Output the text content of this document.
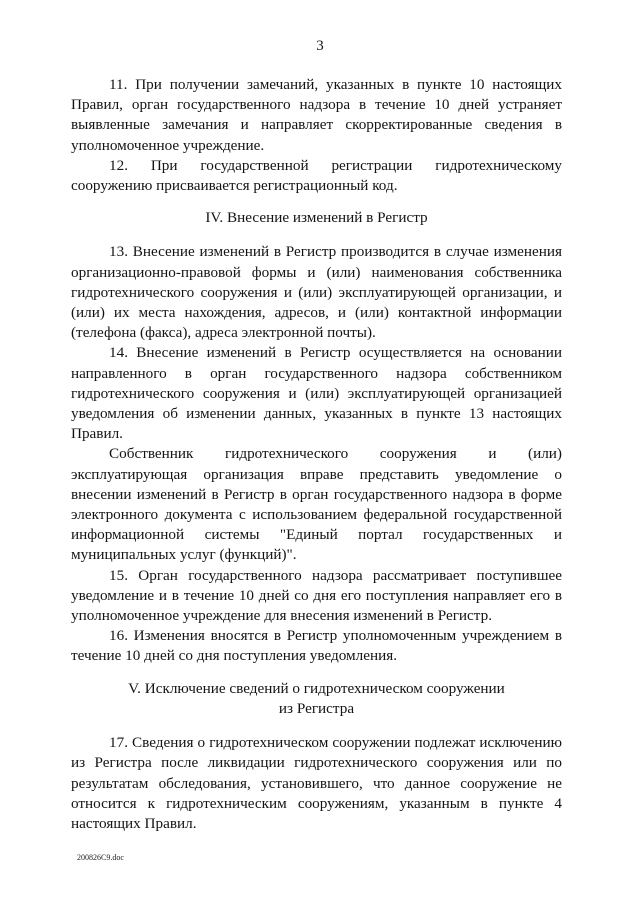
3

11. При получении замечаний, указанных в пункте 10 настоящих Правил, орган государственного надзора в течение 10 дней устраняет выявленные замечания и направляет скорректированные сведения в уполномоченное учреждение.

12. При государственной регистрации гидротехническому сооружению присваивается регистрационный код.

IV. Внесение изменений в Регистр

13. Внесение изменений в Регистр производится в случае изменения организационно-правовой формы и (или) наименования собственника гидротехнического сооружения и (или) эксплуатирующей организации, и (или) их места нахождения, адресов, и (или) контактной информации (телефона (факса), адреса электронной почты).

14. Внесение изменений в Регистр осуществляется на основании направленного в орган государственного надзора собственником гидротехнического сооружения и (или) эксплуатирующей организацией уведомления об изменении данных, указанных в пункте 13 настоящих Правил.

Собственник гидротехнического сооружения и (или) эксплуатирующая организация вправе представить уведомление о внесении изменений в Регистр в орган государственного надзора в форме электронного документа с использованием федеральной государственной информационной системы "Единый портал государственных и муниципальных услуг (функций)".

15. Орган государственного надзора рассматривает поступившее уведомление и в течение 10 дней со дня его поступления направляет его в уполномоченное учреждение для внесения изменений в Регистр.

16. Изменения вносятся в Регистр уполномоченным учреждением в течение 10 дней со дня поступления уведомления.

V. Исключение сведений о гидротехническом сооружении
из Регистра

17. Сведения о гидротехническом сооружении подлежат исключению из Регистра после ликвидации гидротехнического сооружения или по результатам обследования, установившего, что данное сооружение не относится к гидротехническим сооружениям, указанным в пункте 4 настоящих Правил.

200826C9.doc
